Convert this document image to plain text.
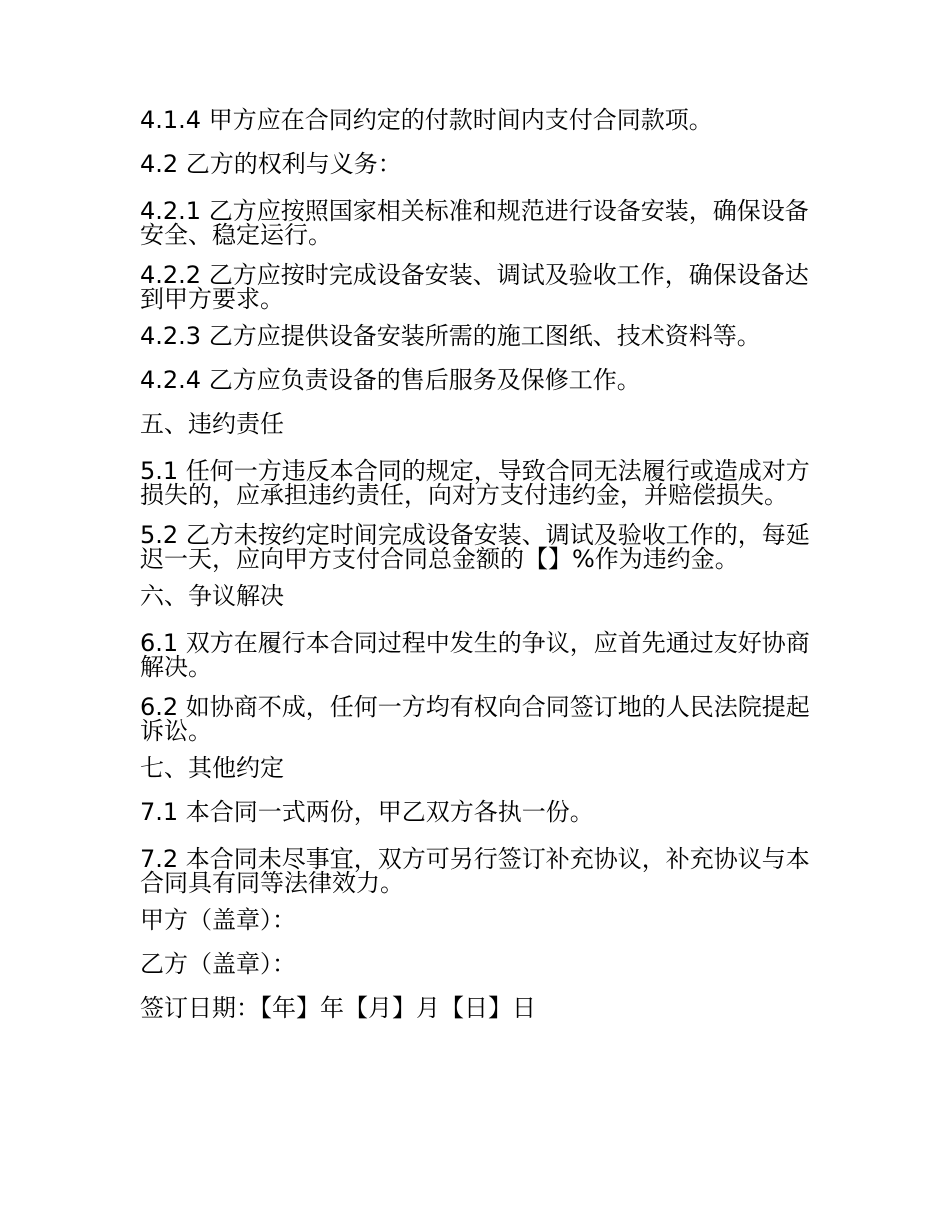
4.1.4 甲方应在合同约定的付款时间内支付合同款项。

4.2 乙方的权利与义务：

4.2.1 乙方应按照国家相关标准和规范进行设备安装，确保设备安全、稳定运行。

4.2.2 乙方应按时完成设备安装、调试及验收工作，确保设备达到甲方要求。

4.2.3 乙方应提供设备安装所需的施工图纸、技术资料等。

4.2.4 乙方应负责设备的售后服务及保修工作。

五、违约责任

5.1 任何一方违反本合同的规定，导致合同无法履行或造成对方损失的，应承担违约责任，向对方支付违约金，并赔偿损失。

5.2 乙方未按约定时间完成设备安装、调试及验收工作的，每延迟一天，应向甲方支付合同总金额的【】%作为违约金。

六、争议解决

6.1 双方在履行本合同过程中发生的争议，应首先通过友好协商解决。

6.2 如协商不成，任何一方均有权向合同签订地的人民法院提起诉讼。

七、其他约定

7.1 本合同一式两份，甲乙双方各执一份。

7.2 本合同未尽事宜，双方可另行签订补充协议，补充协议与本合同具有同等法律效力。

甲方（盖章）：

乙方（盖章）：

签订日期：【年】年【月】月【日】日
